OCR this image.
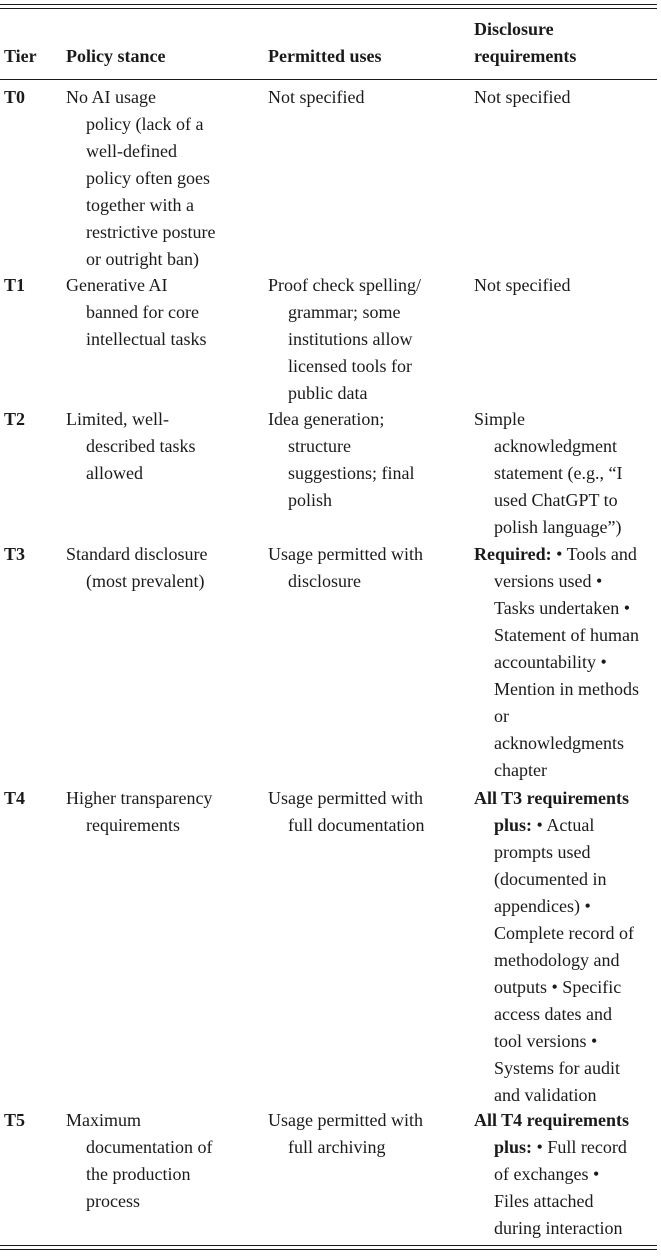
Tier Policy stance	Permitted uses
Disclosure
requirements
T0 No AI usage
policy (lack of a
well-defined
policy often goes
together with a
restrictive posture
or outright ban)
Not specified	Not specified
T1 Generative AI
banned for core
intellectual tasks
Proof check spelling/
grammar; some
institutions allow
licensed tools for
public data
Not specified
T2 Limited, well-
described tasks
allowed
Idea generation;
structure
suggestions; final
polish
Simple
acknowledgment
statement (e.g., “I
used ChatGPT to
polish language”)
T3 Standard disclosure
(most prevalent)
Usage permitted with
disclosure
Required: • Tools and
versions used •
Tasks undertaken •
Statement of human
accountability •
Mention in methods
or
acknowledgments
chapter
T4 Higher transparency
requirements
Usage permitted with
full documentation
All T3 requirements
plus: • Actual
prompts used
(documented in
appendices) •
Complete record of
methodology and
outputs • Specific
access dates and
tool versions •
Systems for audit
and validation
T5 Maximum
documentation of
the production
process
Usage permitted with
full archiving
All T4 requirements
plus: • Full record
of exchanges •
Files attached
during interaction
